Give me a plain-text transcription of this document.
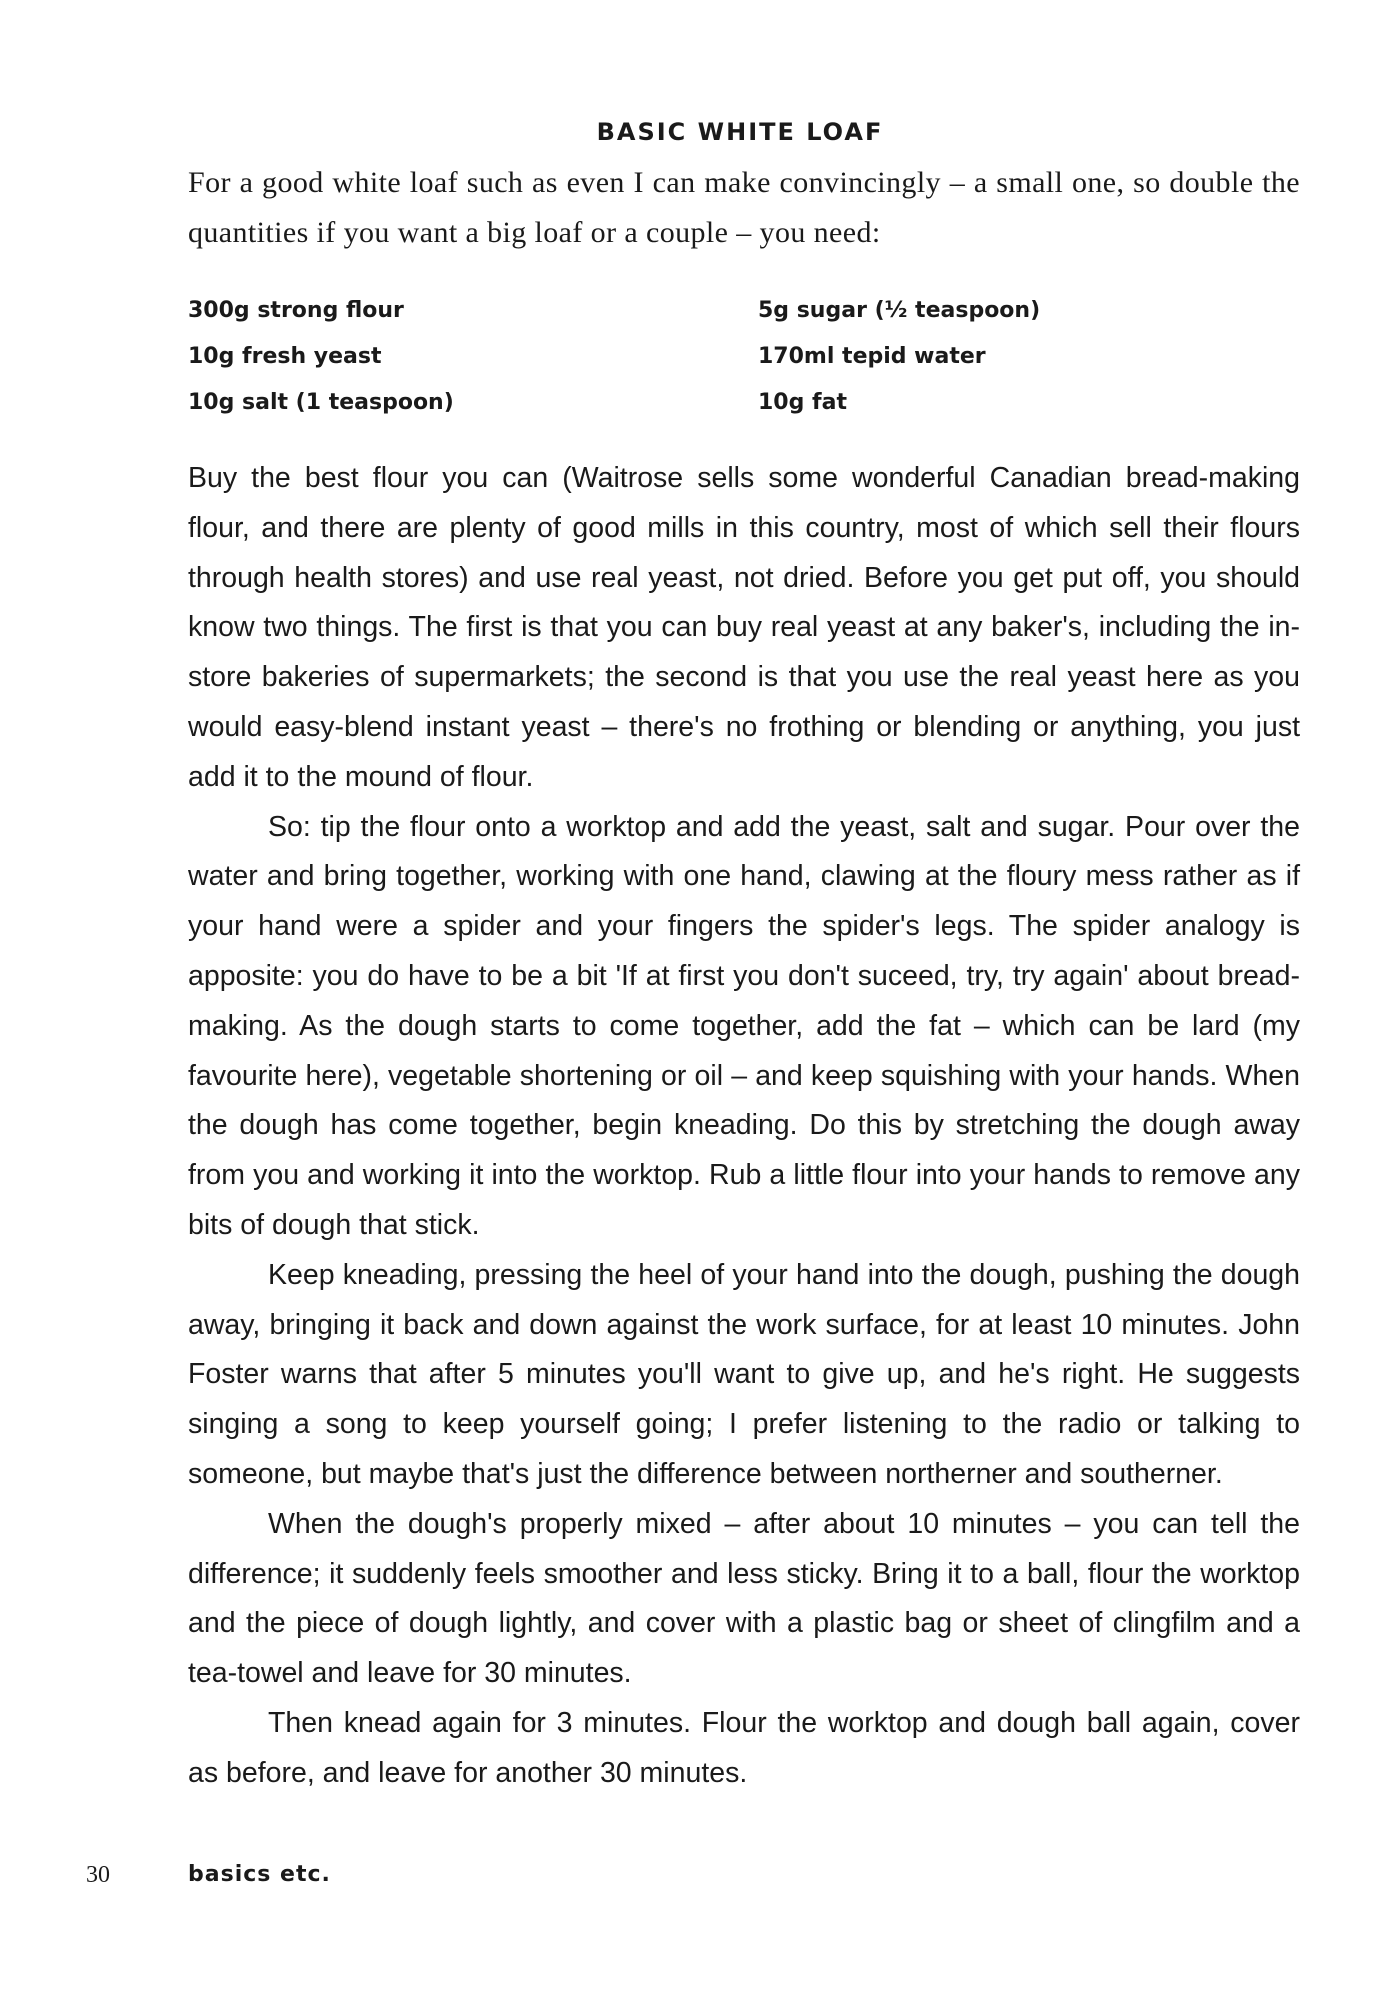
BASIC WHITE LOAF

For a good white loaf such as even I can make convincingly – a small one, so double the quantities if you want a big loaf or a couple – you need:

300g strong flour	5g sugar (½ teaspoon)
10g fresh yeast	170ml tepid water
10g salt (1 teaspoon)	10g fat

Buy the best flour you can (Waitrose sells some wonderful Canadian bread-making flour, and there are plenty of good mills in this country, most of which sell their flours through health stores) and use real yeast, not dried. Before you get put off, you should know two things. The first is that you can buy real yeast at any baker's, including the in-store bakeries of supermarkets; the second is that you use the real yeast here as you would easy-blend instant yeast – there's no frothing or blending or anything, you just add it to the mound of flour.

So: tip the flour onto a worktop and add the yeast, salt and sugar. Pour over the water and bring together, working with one hand, clawing at the floury mess rather as if your hand were a spider and your fingers the spider's legs. The spider analogy is apposite: you do have to be a bit 'If at first you don't suceed, try, try again' about bread-making. As the dough starts to come together, add the fat – which can be lard (my favourite here), vegetable shortening or oil – and keep squishing with your hands. When the dough has come together, begin kneading. Do this by stretching the dough away from you and working it into the worktop. Rub a little flour into your hands to remove any bits of dough that stick.

Keep kneading, pressing the heel of your hand into the dough, pushing the dough away, bringing it back and down against the work surface, for at least 10 minutes. John Foster warns that after 5 minutes you'll want to give up, and he's right. He suggests singing a song to keep yourself going; I prefer listening to the radio or talking to someone, but maybe that's just the difference between northerner and southerner.

When the dough's properly mixed – after about 10 minutes – you can tell the difference; it suddenly feels smoother and less sticky. Bring it to a ball, flour the worktop and the piece of dough lightly, and cover with a plastic bag or sheet of clingfilm and a tea-towel and leave for 30 minutes.

Then knead again for 3 minutes. Flour the worktop and dough ball again, cover as before, and leave for another 30 minutes.

30	basics etc.
